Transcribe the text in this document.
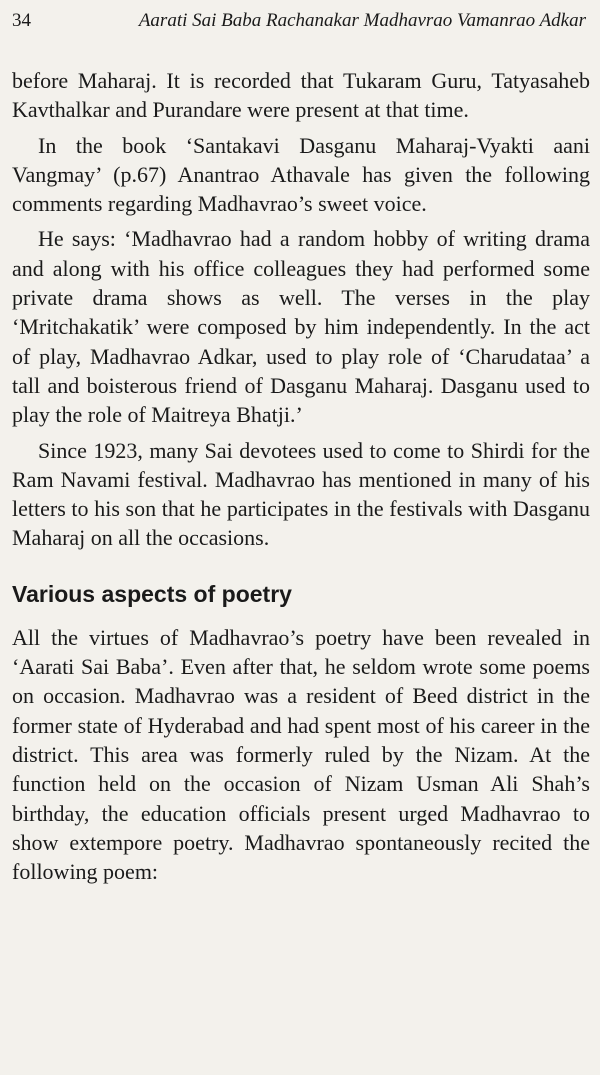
34	Aarati Sai Baba Rachanakar Madhavrao Vamanrao Adkar

before Maharaj. It is recorded that Tukaram Guru, Tatyasaheb Kavthalkar and Purandare were present at that time.

In the book ‘Santakavi Dasganu Maharaj-Vyakti aani Vangmay’ (p.67) Anantrao Athavale has given the following comments regarding Madhavrao’s sweet voice.

He says: ‘Madhavrao had a random hobby of writing drama and along with his office colleagues they had performed some private drama shows as well. The verses in the play ‘Mritchakatik’ were composed by him independently. In the act of play, Madhavrao Adkar, used to play role of ‘Charudataa’ a tall and boisterous friend of Dasganu Maharaj. Dasganu used to play the role of Maitreya Bhatji.’

Since 1923, many Sai devotees used to come to Shirdi for the Ram Navami festival. Madhavrao has mentioned in many of his letters to his son that he participates in the festivals with Dasganu Maharaj on all the occasions.

Various aspects of poetry

All the virtues of Madhavrao’s poetry have been revealed in ‘Aarati Sai Baba’. Even after that, he seldom wrote some poems on occasion. Madhavrao was a resident of Beed district in the former state of Hyderabad and had spent most of his career in the district. This area was formerly ruled by the Nizam. At the function held on the occasion of Nizam Usman Ali Shah’s birthday, the education officials present urged Madhavrao to show extempore poetry. Madhavrao spontaneously recited the following poem:
